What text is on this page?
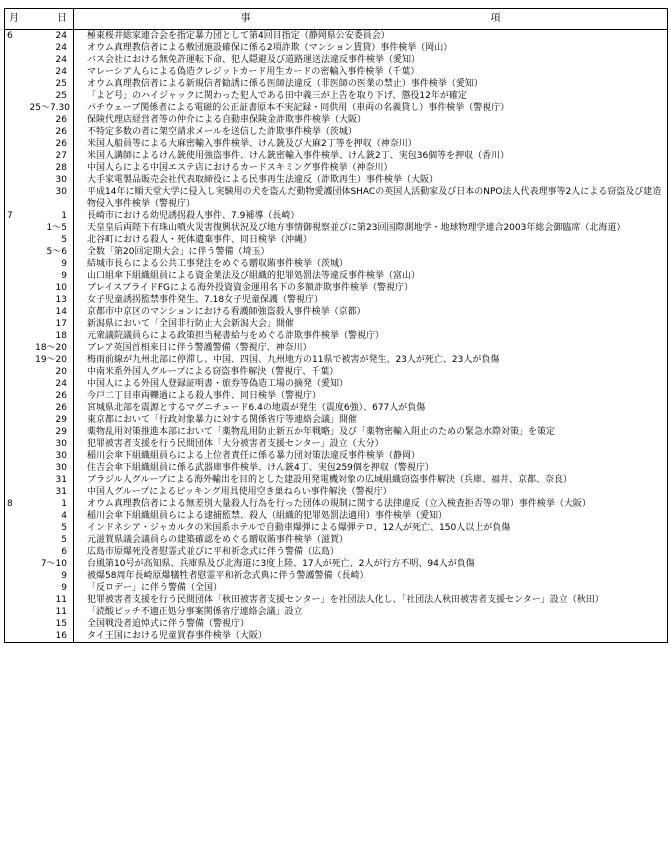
月	日	事 項
6	24	極東桜井総家連合会を指定暴力団として第4回目指定（静岡県公安委員会）
	24	オウム真理教信者による敷団施設確保に係る2項詐欺（マンション賃貸）事件検挙（岡山）
	24	バス会社における無免許運転下命、犯人隠避及び道路運送法違反事件検挙（愛知）
	24	マレーシア人らによる偽造クレジットカード用生カードの密輸入事件検挙（千葉）
	25	オウム真理教信者による新規信者勧誘に係る医師法違反（非医師の医業の禁止）事件検挙（愛知）
	25	「よど号」のハイジャックに関わった犯人である田中義三が上告を取り下げ、懲役12年が確定
	25〜7.30	パチウェーブ関係者による電磁的公正証書原本不実記録・同供用（車両の名義貸し）事件検挙（警視庁）
	26	保険代理店経営者等の仲介による自動車保険金詐欺事件検挙（大阪）
	26	不特定多数の者に架空請求メールを送信した詐欺事件検挙（茨城）
	26	米国人船員等による大麻密輸入事件検挙、けん銃及び大麻2丁等を押収（神奈川）
	27	米国人講師によるけん銃使用強盗事件、けん銃密輸入事件検挙、けん銃2丁、実包36個等を押収（香川）
	28	中国人らによる中国エステ店におけるカードスキミング事件検挙（神奈川）
	30	大手家電製品販売会社代表取締役による民事再生法違反（詐欺再生）事件検挙（大阪）
	30	平成14年に順天堂大学に侵入し実験用の犬を盗んだ動物愛護団体SHACの英国人活動家及び日本のNPO法人代表理事等2人による窃盗及び建造物侵入事件検挙（警視庁）
7	1	長崎市における幼児誘拐殺人事件、7.9補導（長崎）
	1〜5	天皇皇后両陛下有珠山噴火災害復興状況及び地方事情御視察並びに第23回国際測地学・地球物理学連合2003年総会御臨席（北海道）
	5	北谷町における殺人・死体遺棄事件、同日検挙（沖縄）
	5〜6	全数「第20回定期大会」に伴う警備（埼玉）
	9	結城市長らによる公共工事発注をめぐる贈収賄事件検挙（茨城）
	9	山口組傘下組織組員による資金業法及び組織的犯罪処罰法等違反事件検挙（富山）
	10	ブレイスブライドFGによる海外投資資金運用名下の多額詐欺事件検挙（警視庁）
	13	女子児童誘拐監禁事件発生、7.18女子児童保護（警視庁）
	14	京都市中京区のマンションにおける看護師強盗殺人事件検挙（京都）
	17	新潟県において「全国非行防止大会新潟大会」開催
	18	元衆議院議員らによる政策担当秘書給与をめぐる詐欺事件検挙（警視庁）
	18〜20	ブレア英国首相来日に伴う警護警備（警視庁、神奈川）
	19〜20	梅雨前線が九州北部に停滞し、中国、四国、九州地方の11県で被害が発生、23人が死亡、23人が負傷
	20	中南米系外国人グループによる窃盗事件解決（警視庁、千葉）
	24	中国人による外国人登録証明書・旅券等偽造工場の摘発（愛知）
	26	今戸二丁目車両轢過による殺人事件、同日検挙（警視庁）
	26	宮城県北部を震源とするマグニチュード6.4の地震が発生（震度6強）、677人が負傷
	29	東京都において「行政対象暴力に対する関係省庁等連絡会議」開催
	29	薬物乱用対策推進本部において「薬物乱用防止新五か年戦略」及び「薬物密輸入阻止のための緊急水際対策」を策定
	30	犯罪被害者支援を行う民間団体「大分被害者支援センター」設立（大分）
	30	稲川会傘下組織組員らによる上位者責任に係る暴力団対策法違反事件検挙（静岡）
	30	住吉会傘下組織組員に係る武器庫事件検挙、けん銃4丁、実包259個を押収（警視庁）
	31	ブラジル人グループによる海外輸出を目的とした建設用発電機対象の広域組織窃盗事件解決（兵庫、福井、京都、奈良）
	31	中国人グループによるピッキング用具使用空き巣ねらい事件解決（警視庁）
8	1	オウム真理教信者による無差別大量殺人行為を行った団体の規制に関する法律違反（立入検査拒否等の罪）事件検挙（大阪）
	4	稲川会傘下組織組員らによる逮捕監禁、殺人（組織的犯罪処罰法適用）事件検挙（愛知）
	5	インドネシア・ジャカルタの米国系ホテルで自動車爆弾による爆弾テロ、12人が死亡、150人以上が負傷
	5	元滋賀県議会議員らの建築確認をめぐる贈収賄事件検挙（滋賀）
	6	広島市原爆死没者慰霊式並びに平和祈念式に伴う警備（広島）
	7〜10	台風第10号が高知県、兵庫県及び北海道に3度上陸、17人が死亡、2人が行方不明、94人が負傷
	9	被爆58周年長崎原爆犠牲者慰霊平和祈念式典に伴う警護警備（長崎）
	9	「反ロデー」に伴う警備（全国）
	11	犯罪被害者支援を行う民間団体「秋田被害者支援センター」を社団法人化し、「社団法人秋田被害者支援センター」設立（秋田）
	11	「読酸ピッチ不適正処分事案関係省庁連絡会議」設立
	15	全国戦没者追悼式に伴う警備（警視庁）
	16	タイ王国における児童買春事件検挙（大阪）
